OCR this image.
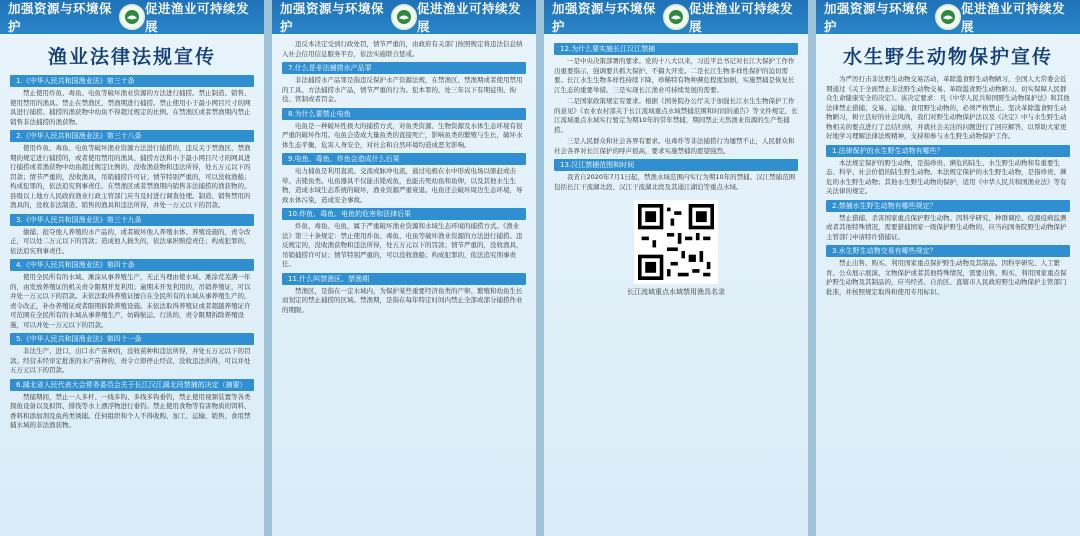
加强资源与环境保护
促进渔业可持续发展
渔业法律法规宣传
1.《中华人民共和国渔业法》第三十条

禁止使用炸鱼、毒鱼、电鱼等破坏渔业资源的方法进行捕捞。禁止制造、销售、使用禁用的渔具。禁止在禁渔区、禁渔期进行捕捞。禁止使用小于最小网目尺寸的网具进行捕捞。捕捞的渔获物中幼鱼不得超过规定的比例。在禁渔区或者禁渔期内禁止销售非法捕捞的渔获物。

2.《中华人民共和国渔业法》第三十八条

使用炸鱼、毒鱼、电鱼等破坏渔业资源方法进行捕捞的，违反关于禁渔区、禁渔期的规定进行捕捞的，或者使用禁用的渔具、捕捞方法和小于最小网目尺寸的网具进行捕捞或者渔获物中幼鱼超过规定比例的，没收渔获物和违法所得，处五万元以下的罚款；情节严重的，没收渔具，吊销捕捞许可证；情节特别严重的，可以没收渔船；构成犯罪的，依法追究刑事责任。在禁渔区或者禁渔期内销售非法捕捞的渔获物的，县级以上地方人民政府渔业行政主管部门应当及时进行调查处理。制造、销售禁用的渔具的，没收非法制造、销售的渔具和违法所得，并处一万元以下的罚款。

3.《中华人民共和国渔业法》第三十九条

偷捕、抢夺他人养殖的水产品的，或者破坏他人养殖水体、养殖设施的，责令改正，可以处二万元以下的罚款；造成他人损失的，依法承担赔偿责任；构成犯罪的，依法追究刑事责任。

4.《中华人民共和国渔业法》第四十条

使用全民所有的水域、滩涂从事养殖生产，无正当理由使水域、滩涂荒芜满一年的，由发放养殖证的机关责令限期开发利用；逾期未开发利用的，吊销养殖证，可以并处一万元以下的罚款。未依法取得养殖证擅自在全民所有的水域从事养殖生产的，责令改正，补办养殖证或者限期拆除养殖设施。未依法取得养殖证或者超越养殖证许可范围在全民所有的水域从事养殖生产，妨碍航运、行洪的，责令限期拆除养殖设施，可以并处一万元以下的罚款。

5.《中华人民共和国渔业法》第四十一条

非法生产、进口、出口水产苗种的，没收苗种和违法所得，并处五万元以下的罚款。经营未经审定批准的水产苗种的，责令立即停止经营，没收违法所得，可以并处五万元以下的罚款。

6.湖北省人民代表大会常务委员会关于长江汉江湖北段禁捕的决定（摘要）

禁捕期间，禁止一人多杆、一线多钩、多线多钩垂钓，禁止使用视频装置等各类探鱼设备以及拟饵、排筏等水上漂浮物进行垂钓。禁止使用食物等有害物质的饵料、香料和添加剂及鱼药类诱捕。任何组织和个人不得收购、加工、运输、销售、食用禁捕水域的非法渔获物。

加强资源与环境保护
促进渔业可持续发展

违反本决定受到行政处罚，情节严重的，由政府有关部门按照规定将违法信息纳入社会信用信息服务平台，依法实施联合惩戒。

7.什么是非法捕捞水产品罪

非法捕捞水产品罪是指违反保护水产资源法规，在禁渔区、禁渔期或者使用禁用的工具、方法捕捞水产品，情节严重的行为。犯本罪的，处三年以下有期徒刑、拘役、管制或者罚金。

8.为什么要禁止电鱼

电鱼是一种破坏性极大的捕捞方式，对鱼类资源、生物资源及水体生态环境有很严重的破坏作用。电鱼会造成大量鱼类的直接死亡，影响鱼类的繁殖与生长，破坏水体生态平衡，危害人身安全，对社会和自然环境均造成恶劣影响。

9.电鱼、毒鱼、炸鱼会造成什么后果

电力捕鱼是利用直流、交流或脉冲电流，通过电极在水中形成电场以驱赶或击晕、击毙鱼类。电鱼器具不仅能击毙成鱼，也能击死幼鱼和鱼卵，以及其他水生生物，造成水域生态系统的破坏，渔业资源严重衰退。电鱼还会破坏周边生态环境，导致水体污染，造成安全事故。

10.炸鱼、毒鱼、电鱼的危害和法律后果

炸鱼、毒鱼、电鱼，属于严重破坏渔业资源和水域生态环境的捕捞方式。《渔业法》第三十条规定：禁止使用炸鱼、毒鱼、电鱼等破坏渔业资源的方法进行捕捞。违反规定的，没收渔获物和违法所得，处五万元以下的罚款；情节严重的，没收渔具，吊销捕捞许可证；情节特别严重的，可以没收渔船；构成犯罪的，依法追究刑事责任。

11.什么叫禁渔区、禁渔期

禁渔区，是指在一定水域内，为保护某些重要经济鱼类的产卵、繁殖和幼鱼生长而划定的禁止捕捞的区域。禁渔期，是指在每年特定时间内禁止全部或部分捕捞作业的期限。

加强资源与环境保护
促进渔业可持续发展
12.为什么要实施长江汉江禁捕

一是中央决策部署的要求。党的十八大以来，习近平总书记对长江大保护工作作出重要指示，强调要共抓大保护、不搞大开发。二是长江生物多样性保护的迫切需要。长江水生生物多样性持续下降，珍稀特有物种濒危程度加剧，实施禁捕是恢复长江生态的重要举措。三是实现长江渔业可持续发展的需要。

二是国家政策规定有要求。根据《国务院办公厅关于加强长江水生生物保护工作的意见》《农业农村部关于长江流域重点水域禁捕范围和时间的通告》等文件规定，长江流域重点水域实行暂定为期10年的常年禁捕，期间禁止天然渔业资源的生产性捕捞。

三是人民群众和社会各界有要求。电毒炸等非法捕捞行为屡禁不止，人民群众和社会各界对长江保护的呼声很高，要求实施禁捕的愿望强烈。

13.汉江禁捕范围和时间

我省自2020年7月1日起，禁渔水域范围内实行为期10年的禁捕。汉江禁捕范围包括长江干流湖北段、汉江干流湖北段及其通江湖泊等重点水域。

长江流域重点水域禁用渔具名录
加强资源与环境保护
促进渔业可持续发展
水生野生动物保护宣传

为严厉打击非法野生动物交易活动，革除滥食野生动物陋习，全国人大常委会近期通过《关于全面禁止非法野生动物交易、革除滥食野生动物陋习、切实保障人民群众生命健康安全的决定》。该决定要求：凡《中华人民共和国野生动物保护法》和其他法律禁止猎捕、交易、运输、食用野生动物的，必须严格禁止。坚决革除滥食野生动物陋习，树立良好的社会风尚，我们对野生动物保护法以及《决定》中与水生野生动物相关的要点进行了总结归纳，并就社会关注的问题进行了回应解答，以帮助大家更好地学习理解法律法规精神，支持和参与水生野生动物保护工作。

1.法律保护的水生野生动物有哪些？

本法规定保护的野生动物，是指珍贵、濒危的陆生、水生野生动物和有重要生态、科学、社会价值的陆生野生动物。本法规定保护的水生野生动物，是指珍贵、濒危的水生野生动物；其他水生野生动物的保护，适用《中华人民共和国渔业法》等有关法律的规定。

2.禁捕水生野生动物有哪些规定？

禁止猎捕、杀害国家重点保护野生动物。因科学研究、种群调控、疫源疫病监测或者其他特殊情况，需要猎捕国家一级保护野生动物的，应当向国务院野生动物保护主管部门申请特许猎捕证。

3.水生野生动物交易有哪些规定？

禁止出售、购买、利用国家重点保护野生动物及其制品。因科学研究、人工繁育、公众展示展演、文物保护或者其他特殊情况，需要出售、购买、利用国家重点保护野生动物及其制品的，应当经省、自治区、直辖市人民政府野生动物保护主管部门批准，并按照规定取得和使用专用标识。
